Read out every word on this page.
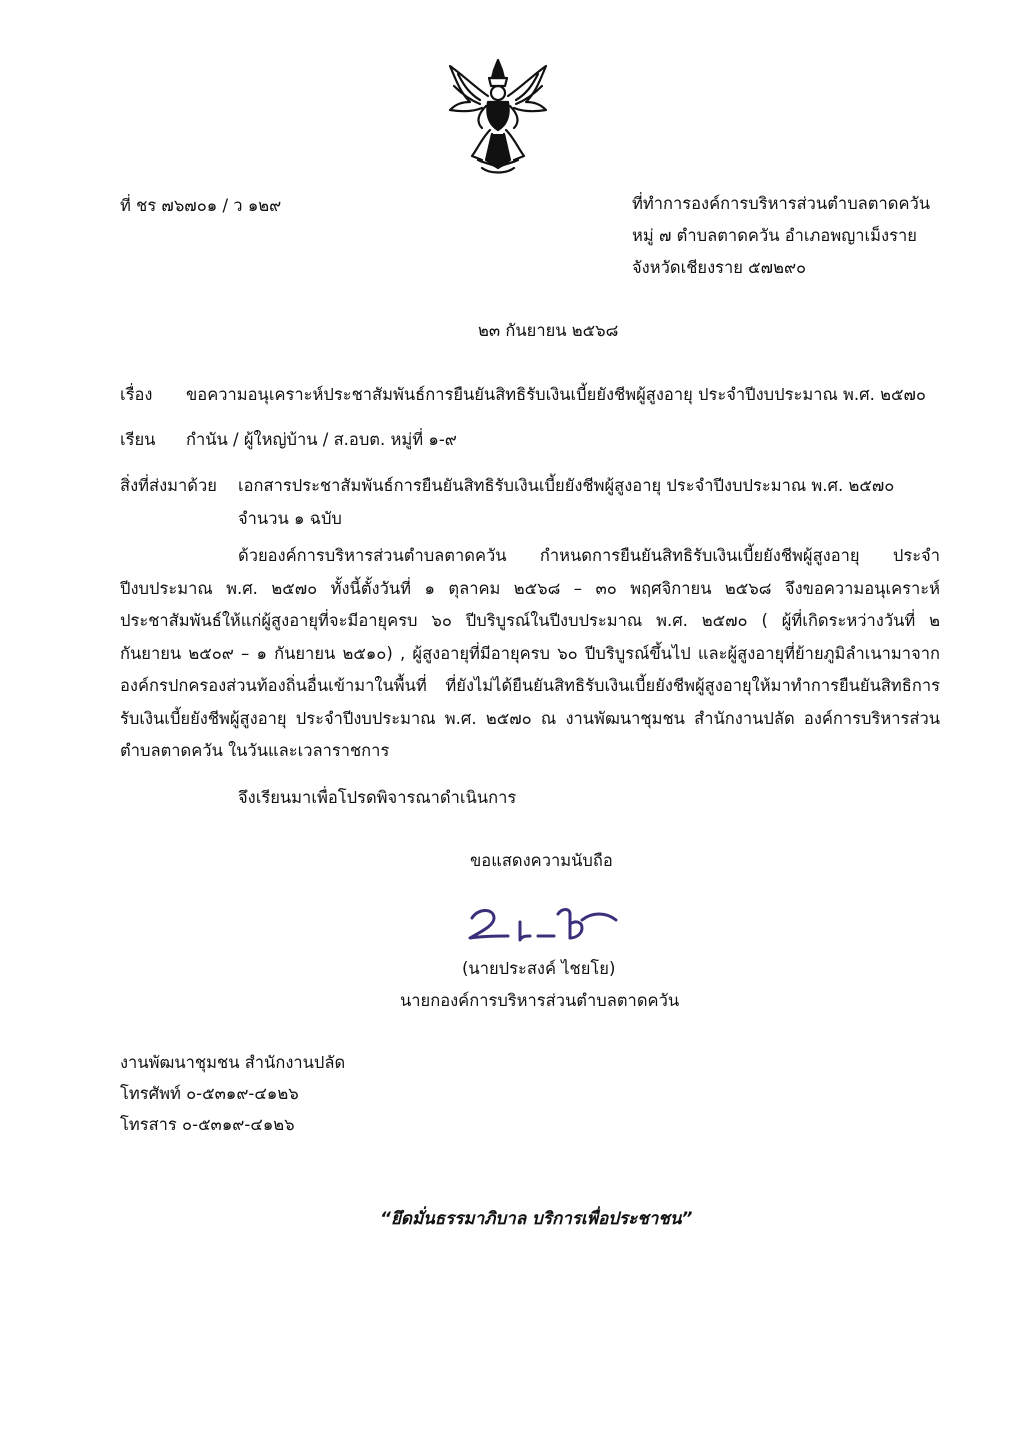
ที่ ชร ๗๖๗๐๑ / ว ๑๒๙	ที่ทำการองค์การบริหารส่วนตำบลตาดควัน
หมู่ ๗ ตำบลตาดควัน อำเภอพญาเม็งราย
จังหวัดเชียงราย ๕๗๒๙๐

๒๓ กันยายน ๒๕๖๘

เรื่อง ขอความอนุเคราะห์ประชาสัมพันธ์การยืนยันสิทธิรับเงินเบี้ยยังชีพผู้สูงอายุ ประจำปีงบประมาณ พ.ศ. ๒๕๗๐

เรียน กำนัน / ผู้ใหญ่บ้าน / ส.อบต. หมู่ที่ ๑-๙

สิ่งที่ส่งมาด้วย เอกสารประชาสัมพันธ์การยืนยันสิทธิรับเงินเบี้ยยังชีพผู้สูงอายุ ประจำปีงบประมาณ พ.ศ. ๒๕๗๐

จำนวน ๑ ฉบับ

ด้วยองค์การบริหารส่วนตำบลตาดควัน กำหนดการยืนยันสิทธิรับเงินเบี้ยยังชีพผู้สูงอายุ ประจำปีงบประมาณ พ.ศ. ๒๕๗๐ ทั้งนี้ตั้งวันที่ ๑ ตุลาคม ๒๕๖๘ – ๓๐ พฤศจิกายน ๒๕๖๘ จึงขอความอนุเคราะห์ประชาสัมพันธ์ให้แก่ผู้สูงอายุที่จะมีอายุครบ ๖๐ ปีบริบูรณ์ในปีงบประมาณ พ.ศ. ๒๕๗๐ ( ผู้ที่เกิดระหว่างวันที่ ๒ กันยายน ๒๕๐๙ – ๑ กันยายน ๒๕๑๐) , ผู้สูงอายุที่มีอายุครบ ๖๐ ปีบริบูรณ์ขึ้นไป และผู้สูงอายุที่ย้ายภูมิลำเนามาจากองค์กรปกครองส่วนท้องถิ่นอื่นเข้ามาในพื้นที่ ที่ยังไม่ได้ยืนยันสิทธิรับเงินเบี้ยยังชีพผู้สูงอายุให้มาทำการยืนยันสิทธิการรับเงินเบี้ยยังชีพผู้สูงอายุ ประจำปีงบประมาณ พ.ศ. ๒๕๗๐ ณ งานพัฒนาชุมชน สำนักงานปลัด องค์การบริหารส่วนตำบลตาดควัน ในวันและเวลาราชการ

จึงเรียนมาเพื่อโปรดพิจารณาดำเนินการ

ขอแสดงความนับถือ

(นายประสงค์ ไชยโย)

นายกองค์การบริหารส่วนตำบลตาดควัน

งานพัฒนาชุมชน สำนักงานปลัด

โทรศัพท์ ๐-๕๓๑๙-๔๑๒๖

โทรสาร ๐-๕๓๑๙-๔๑๒๖

“ยึดมั่นธรรมาภิบาล บริการเพื่อประชาชน”
